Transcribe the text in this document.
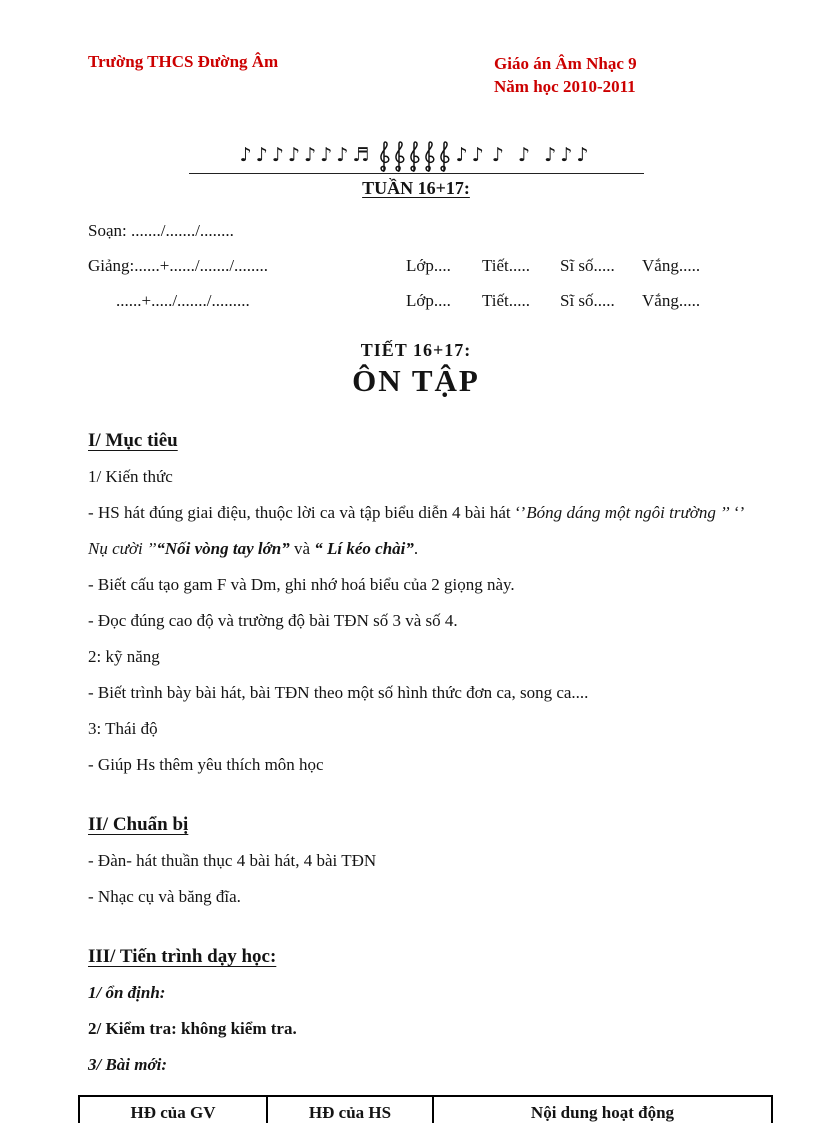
Trường THCS Đường Âm	Giáo án Âm Nhạc 9
Năm học 2010-2011
♪♪♪♪♪♪♪♬	♪♪ ♪ ♪ ♪♪♪
TUẦN 16+17:
Soạn: ......./......./........
Giảng:......+....../......./........	Lớp....	Tiết.....	Sĩ số.....	Vắng.....
......+...../......./.........	Lớp....	Tiết.....	Sĩ số.....	Vắng.....
TIẾT 16+17:
ÔN TẬP
I/ Mục tiêu

1/ Kiến thức

- HS hát đúng giai điệu, thuộc lời ca và tập biểu diễn 4 bài hát ‘’Bóng dáng một ngôi trường ’’ ‘’ Nụ cười ’’“Nối vòng tay lớn” và “ Lí kéo chài”.

- Biết cấu tạo gam F và Dm, ghi nhớ hoá biểu của 2 giọng này.

- Đọc đúng cao độ và trường độ bài TĐN số 3 và số 4.

2: kỹ năng

- Biết trình bày bài hát, bài TĐN theo một số hình thức đơn ca, song ca....

3: Thái độ

- Giúp Hs thêm yêu thích môn học

II/ Chuẩn bị

- Đàn- hát thuần thục 4 bài hát, 4 bài TĐN

- Nhạc cụ và băng đĩa.

III/ Tiến trình dạy học:

1/ ổn định:

2/ Kiểm tra: không kiểm tra.

3/ Bài mới:

HĐ của GV	HĐ của HS	Nội dung hoạt động
